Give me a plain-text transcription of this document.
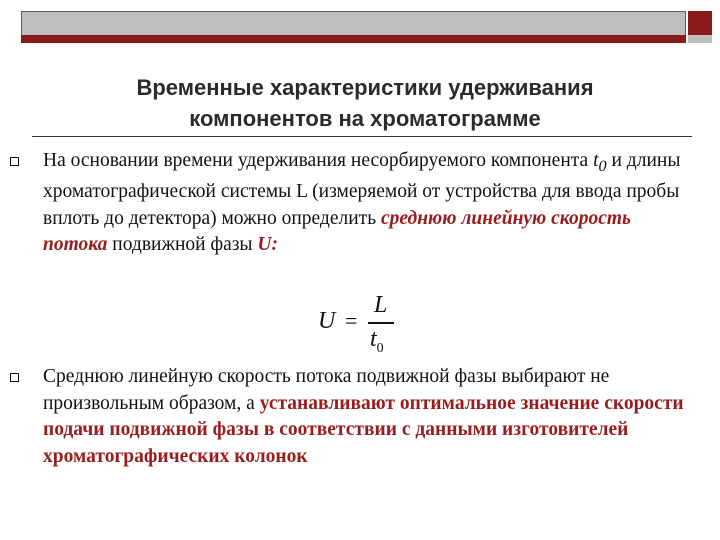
Временные характеристики удерживания
компонентов на хроматограмме
На основании времени удерживания несорбируемого компонента $t_0$ и длины хроматографической системы L (измеряемой от устройства для ввода пробы вплоть до детектора) можно определить среднюю линейную скорость потока подвижной фазы U:
U =
L
$t_0$
Среднюю линейную скорость потока подвижной фазы выбирают не произвольным образом, а устанавливают оптимальное значение скорости подачи подвижной фазы в соответствии с данными изготовителей хроматографических колонок
